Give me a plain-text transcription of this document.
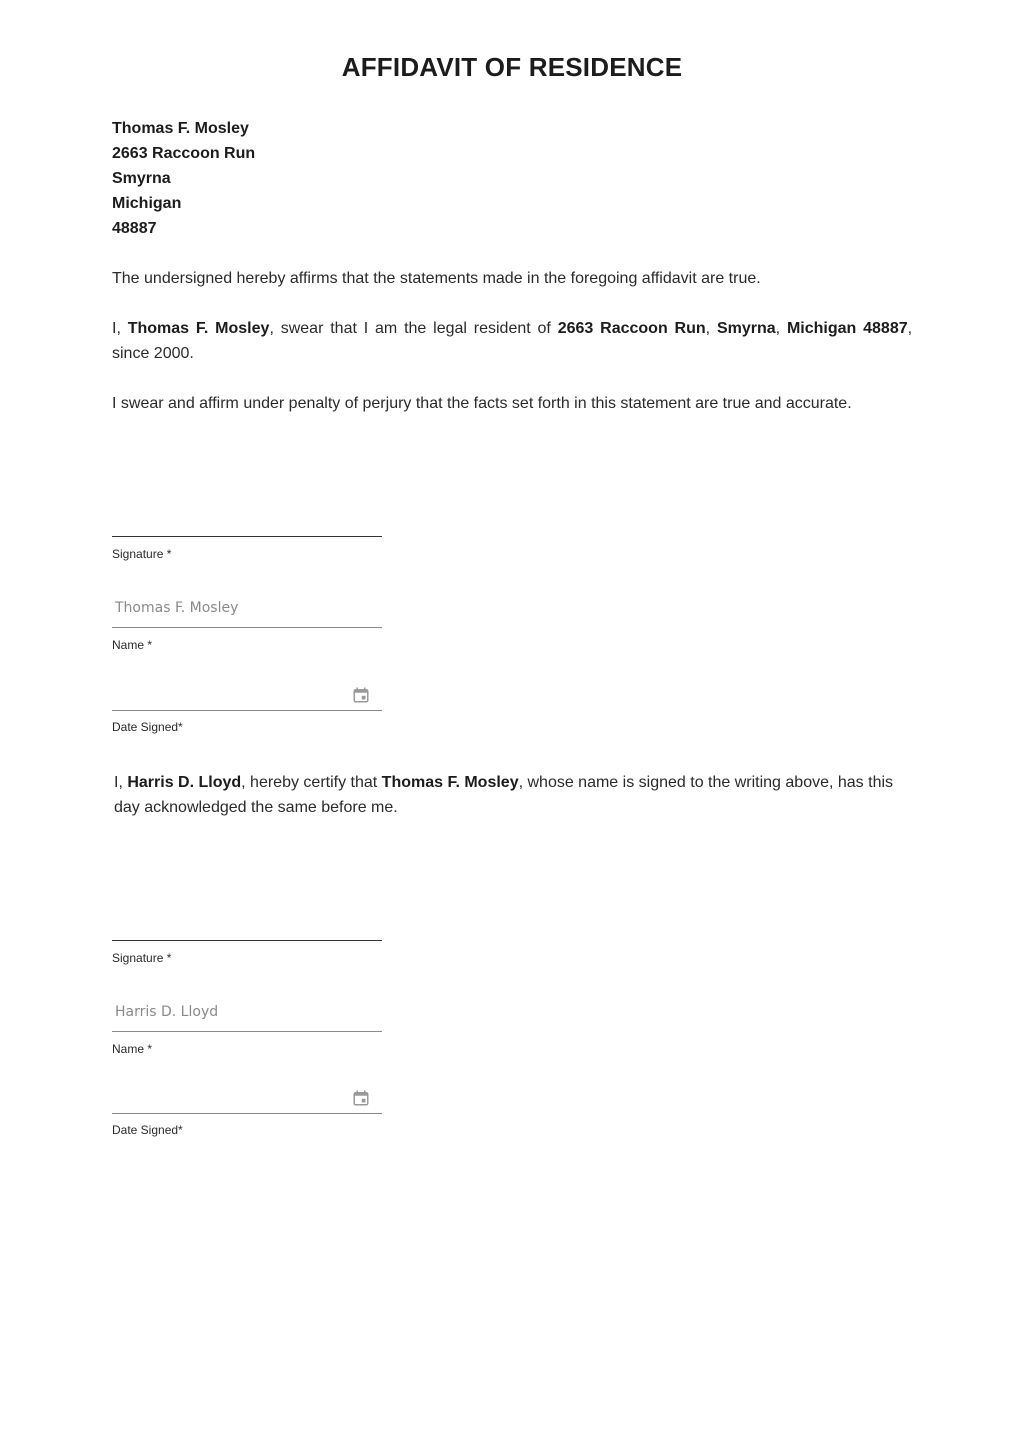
AFFIDAVIT OF RESIDENCE
Thomas F. Mosley
2663 Raccoon Run
Smyrna
Michigan
48887

The undersigned hereby affirms that the statements made in the foregoing affidavit are true.

I, Thomas F. Mosley, swear that I am the legal resident of 2663 Raccoon Run, Smyrna, Michigan 48887, since 2000.

I swear and affirm under penalty of perjury that the facts set forth in this statement are true and accurate.

Signature *
Thomas F. Mosley
Name *
Date Signed*

I, Harris D. Lloyd, hereby certify that Thomas F. Mosley, whose name is signed to the writing above, has this day acknowledged the same before me.

Signature *
Harris D. Lloyd
Name *
Date Signed*
